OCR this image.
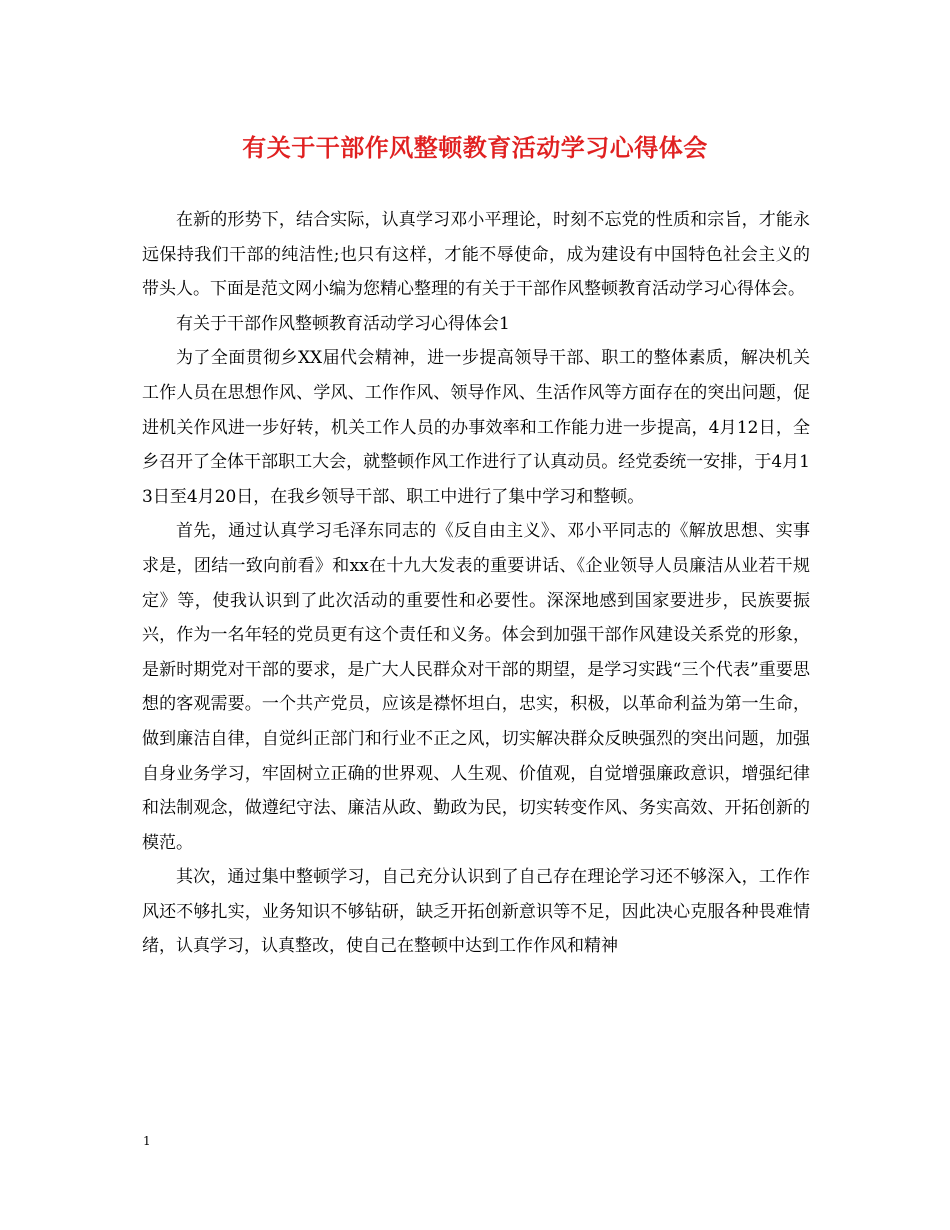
有关于干部作风整顿教育活动学习心得体会

在新的形势下，结合实际，认真学习邓小平理论，时刻不忘党的性质和宗旨，才能永远保持我们干部的纯洁性;也只有这样，才能不辱使命，成为建设有中国特色社会主义的带头人。下面是范文网小编为您精心整理的有关于干部作风整顿教育活动学习心得体会。

有关于干部作风整顿教育活动学习心得体会1

为了全面贯彻乡XX届代会精神，进一步提高领导干部、职工的整体素质，解决机关工作人员在思想作风、学风、工作作风、领导作风、生活作风等方面存在的突出问题，促进机关作风进一步好转，机关工作人员的办事效率和工作能力进一步提高，4月12日，全乡召开了全体干部职工大会，就整顿作风工作进行了认真动员。经党委统一安排，于4月13日至4月20日，在我乡领导干部、职工中进行了集中学习和整顿。

首先，通过认真学习毛泽东同志的《反自由主义》、邓小平同志的《解放思想、实事求是，团结一致向前看》和xx在十九大发表的重要讲话、《企业领导人员廉洁从业若干规定》等，使我认识到了此次活动的重要性和必要性。深深地感到国家要进步，民族要振兴，作为一名年轻的党员更有这个责任和义务。体会到加强干部作风建设关系党的形象，是新时期党对干部的要求，是广大人民群众对干部的期望，是学习实践“三个代表”重要思想的客观需要。一个共产党员，应该是襟怀坦白，忠实，积极，以革命利益为第一生命，做到廉洁自律，自觉纠正部门和行业不正之风，切实解决群众反映强烈的突出问题，加强自身业务学习，牢固树立正确的世界观、人生观、价值观，自觉增强廉政意识，增强纪律和法制观念，做遵纪守法、廉洁从政、勤政为民，切实转变作风、务实高效、开拓创新的模范。

其次，通过集中整顿学习，自己充分认识到了自己存在理论学习还不够深入，工作作风还不够扎实，业务知识不够钻研，缺乏开拓创新意识等不足，因此决心克服各种畏难情绪，认真学习，认真整改，使自己在整顿中达到工作作风和精神

1
